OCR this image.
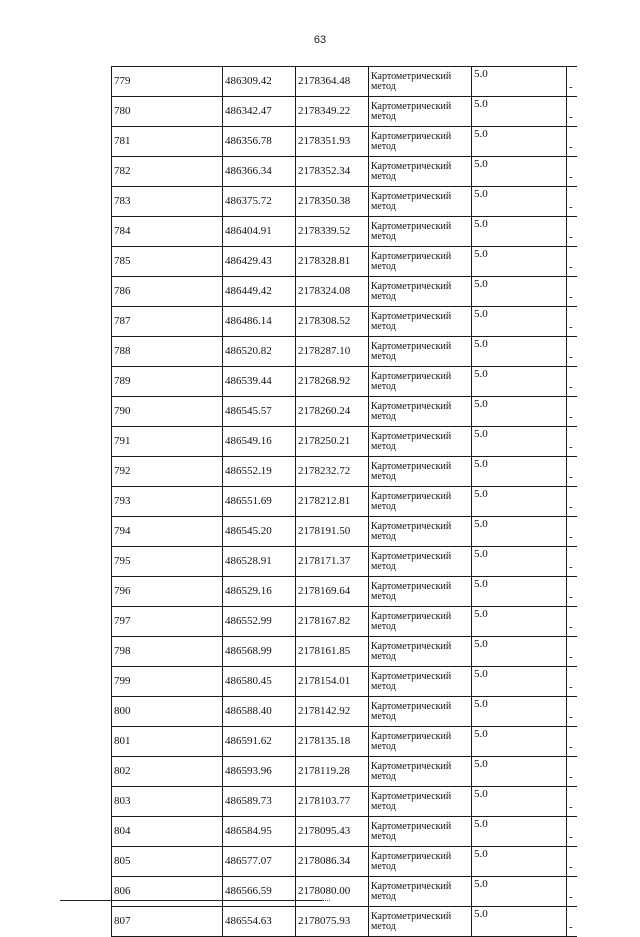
63
779	486309.42	2178364.48	Картометрический
метод	5.0	-
780	486342.47	2178349.22	Картометрический
метод	5.0	-
781	486356.78	2178351.93	Картометрический
метод	5.0	-
782	486366.34	2178352.34	Картометрический
метод	5.0	-
783	486375.72	2178350.38	Картометрический
метод	5.0	-
784	486404.91	2178339.52	Картометрический
метод	5.0	-
785	486429.43	2178328.81	Картометрический
метод	5.0	-
786	486449.42	2178324.08	Картометрический
метод	5.0	-
787	486486.14	2178308.52	Картометрический
метод	5.0	-
788	486520.82	2178287.10	Картометрический
метод	5.0	-
789	486539.44	2178268.92	Картометрический
метод	5.0	-
790	486545.57	2178260.24	Картометрический
метод	5.0	-
791	486549.16	2178250.21	Картометрический
метод	5.0	-
792	486552.19	2178232.72	Картометрический
метод	5.0	-
793	486551.69	2178212.81	Картометрический
метод	5.0	-
794	486545.20	2178191.50	Картометрический
метод	5.0	-
795	486528.91	2178171.37	Картометрический
метод	5.0	-
796	486529.16	2178169.64	Картометрический
метод	5.0	-
797	486552.99	2178167.82	Картометрический
метод	5.0	-
798	486568.99	2178161.85	Картометрический
метод	5.0	-
799	486580.45	2178154.01	Картометрический
метод	5.0	-
800	486588.40	2178142.92	Картометрический
метод	5.0	-
801	486591.62	2178135.18	Картометрический
метод	5.0	-
802	486593.96	2178119.28	Картометрический
метод	5.0	-
803	486589.73	2178103.77	Картометрический
метод	5.0	-
804	486584.95	2178095.43	Картометрический
метод	5.0	-
805	486577.07	2178086.34	Картометрический
метод	5.0	-
806	486566.59	2178080.00	Картометрический
метод	5.0	-
807	486554.63	2178075.93	Картометрический
метод	5.0	-
